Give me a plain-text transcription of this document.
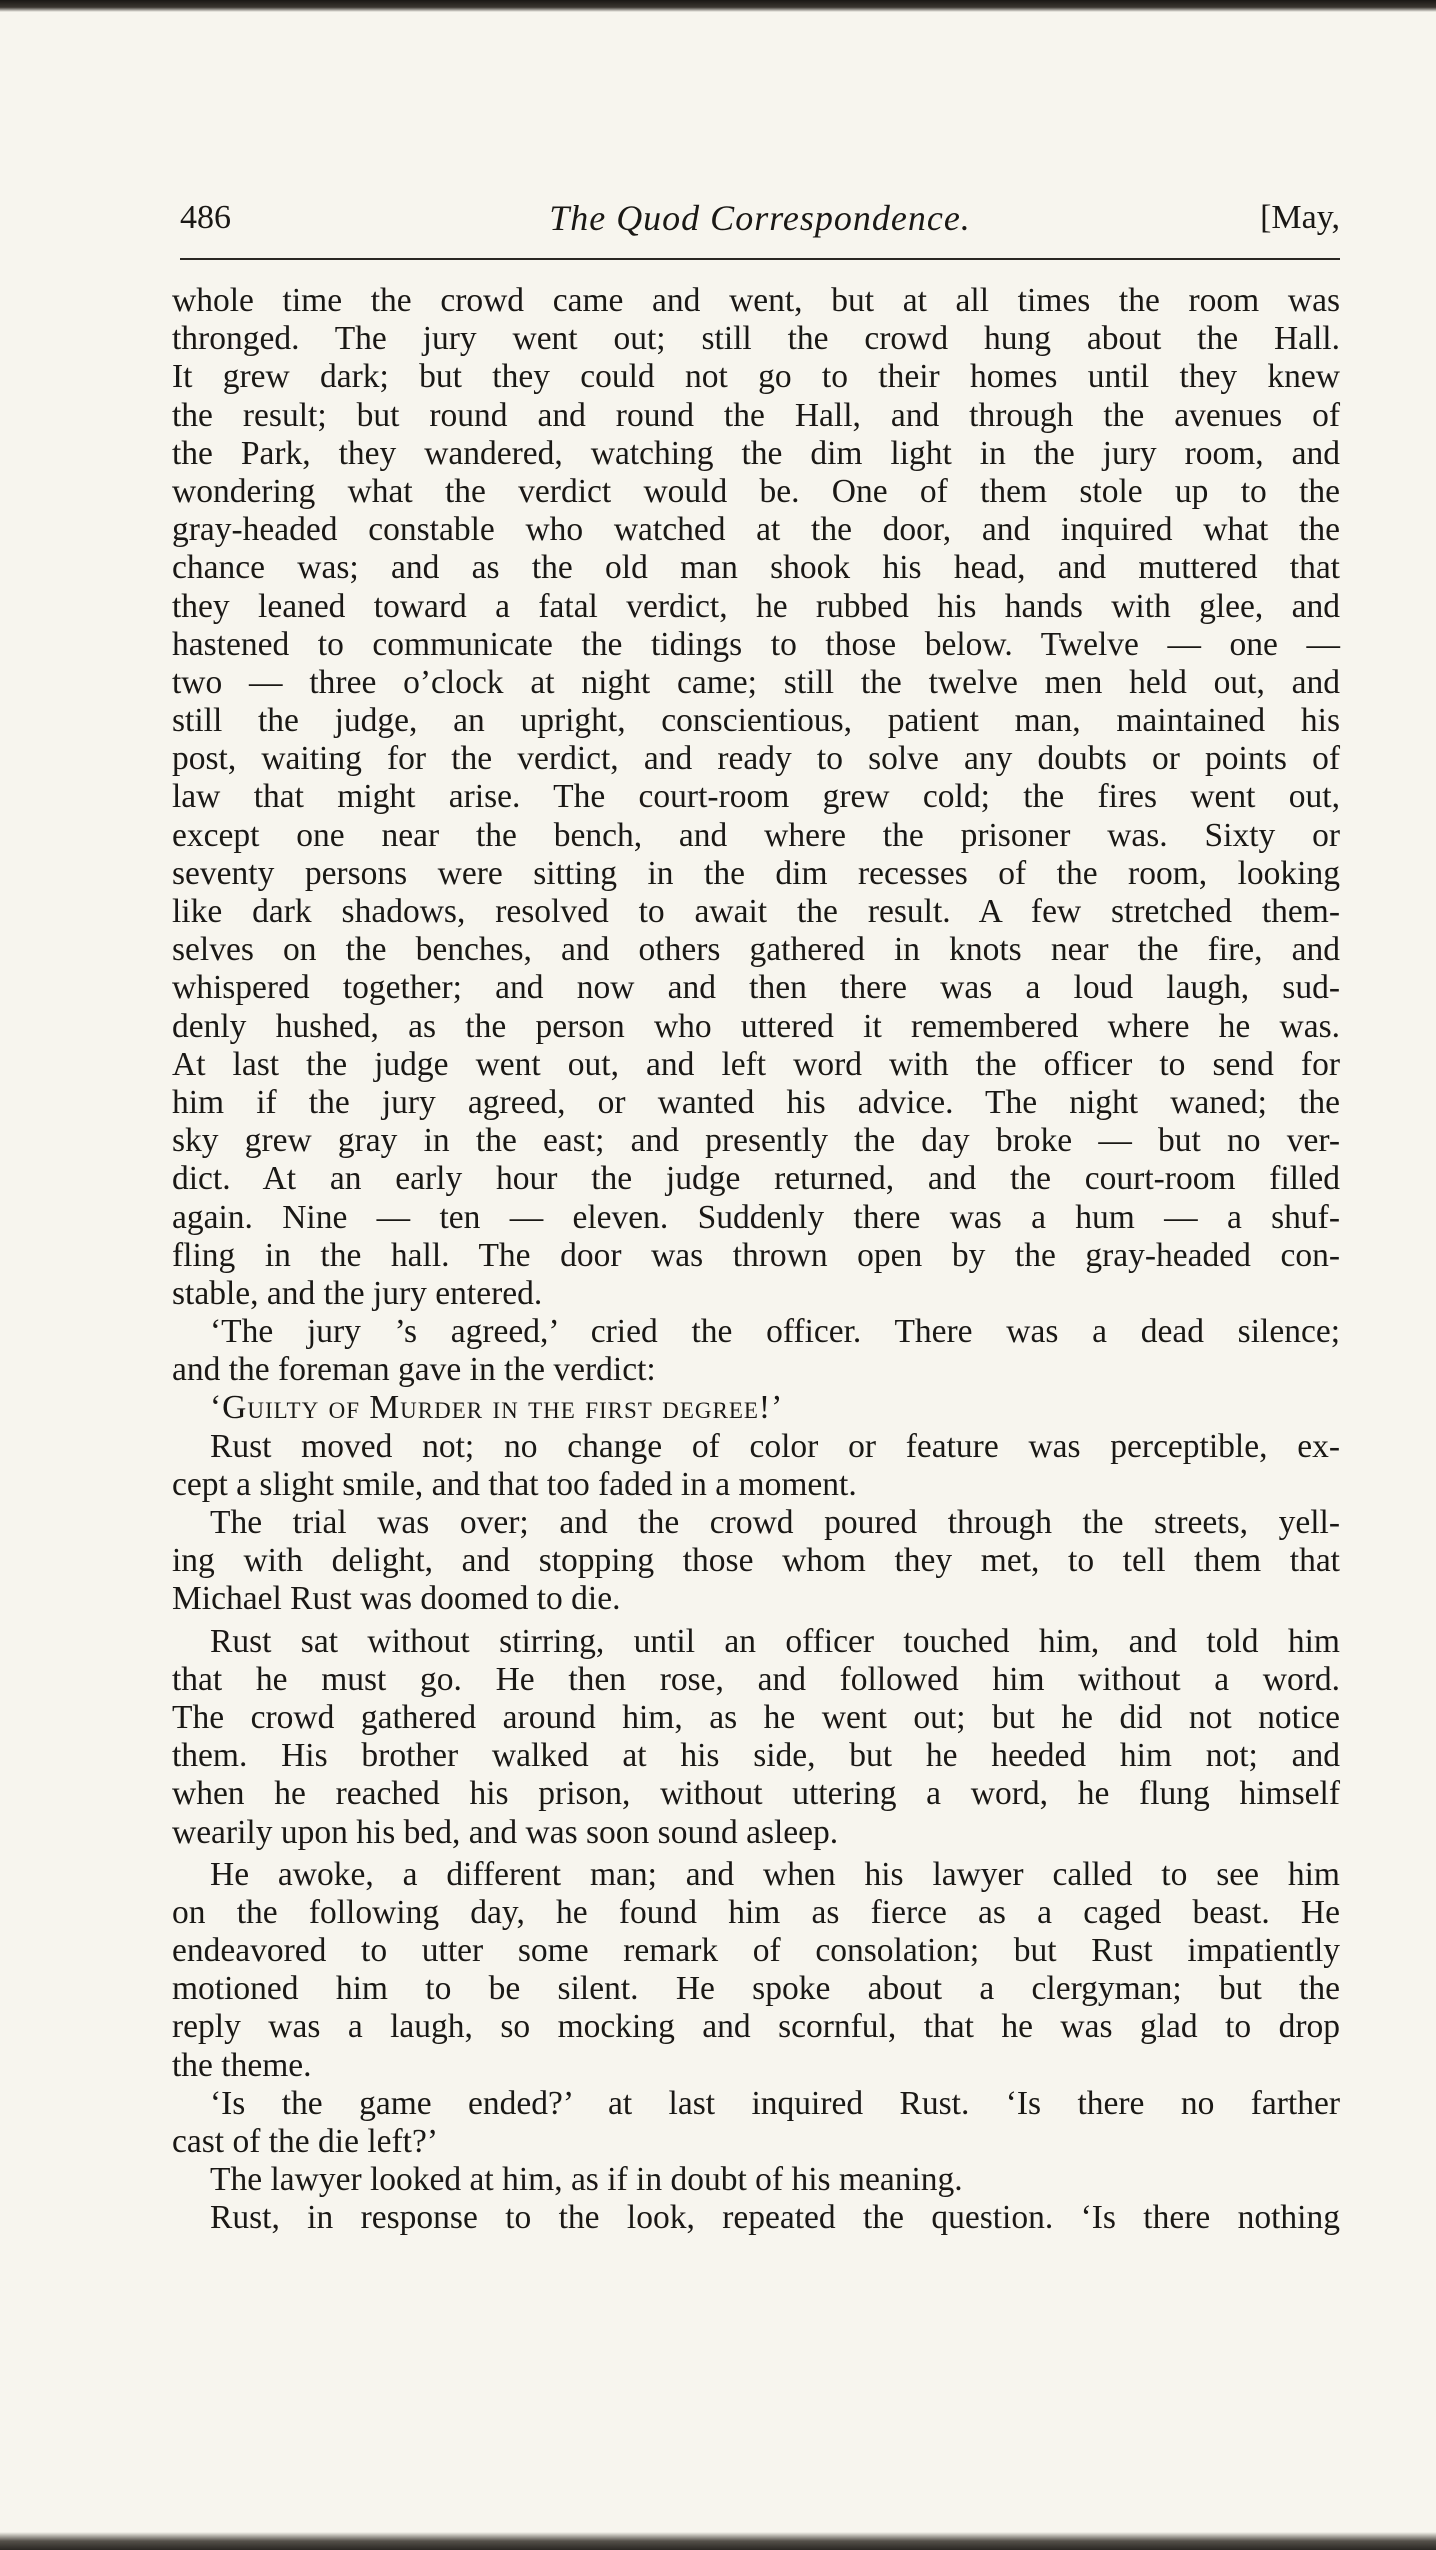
486	The Quod Correspondence.	[May,
whole time the crowd came and went, but at all times the room was
thronged. The jury went out; still the crowd hung about the Hall.
It grew dark; but they could not go to their homes until they knew
the result; but round and round the Hall, and through the avenues of
the Park, they wandered, watching the dim light in the jury room, and
wondering what the verdict would be. One of them stole up to the
gray-headed constable who watched at the door, and inquired what the
chance was; and as the old man shook his head, and muttered that
they leaned toward a fatal verdict, he rubbed his hands with glee, and
hastened to communicate the tidings to those below. Twelve — one —
two — three o’clock at night came; still the twelve men held out, and
still the judge, an upright, conscientious, patient man, maintained his
post, waiting for the verdict, and ready to solve any doubts or points of
law that might arise. The court-room grew cold; the fires went out,
except one near the bench, and where the prisoner was. Sixty or
seventy persons were sitting in the dim recesses of the room, looking
like dark shadows, resolved to await the result. A few stretched them-
selves on the benches, and others gathered in knots near the fire, and
whispered together; and now and then there was a loud laugh, sud-
denly hushed, as the person who uttered it remembered where he was.
At last the judge went out, and left word with the officer to send for
him if the jury agreed, or wanted his advice. The night waned; the
sky grew gray in the east; and presently the day broke — but no ver-
dict. At an early hour the judge returned, and the court-room filled
again. Nine — ten — eleven. Suddenly there was a hum — a shuf-
fling in the hall. The door was thrown open by the gray-headed con-
stable, and the jury entered.
‘The jury ’s agreed,’ cried the officer. There was a dead silence;
and the foreman gave in the verdict:
‘Guilty of Murder in the first degree!’
Rust moved not; no change of color or feature was perceptible, ex-
cept a slight smile, and that too faded in a moment.
The trial was over; and the crowd poured through the streets, yell-
ing with delight, and stopping those whom they met, to tell them that
Michael Rust was doomed to die.
Rust sat without stirring, until an officer touched him, and told him
that he must go. He then rose, and followed him without a word.
The crowd gathered around him, as he went out; but he did not notice
them. His brother walked at his side, but he heeded him not; and
when he reached his prison, without uttering a word, he flung himself
wearily upon his bed, and was soon sound asleep.
He awoke, a different man; and when his lawyer called to see him
on the following day, he found him as fierce as a caged beast. He
endeavored to utter some remark of consolation; but Rust impatiently
motioned him to be silent. He spoke about a clergyman; but the
reply was a laugh, so mocking and scornful, that he was glad to drop
the theme.
‘Is the game ended?’ at last inquired Rust. ‘Is there no farther
cast of the die left?’
The lawyer looked at him, as if in doubt of his meaning.
Rust, in response to the look, repeated the question. ‘Is there nothing
